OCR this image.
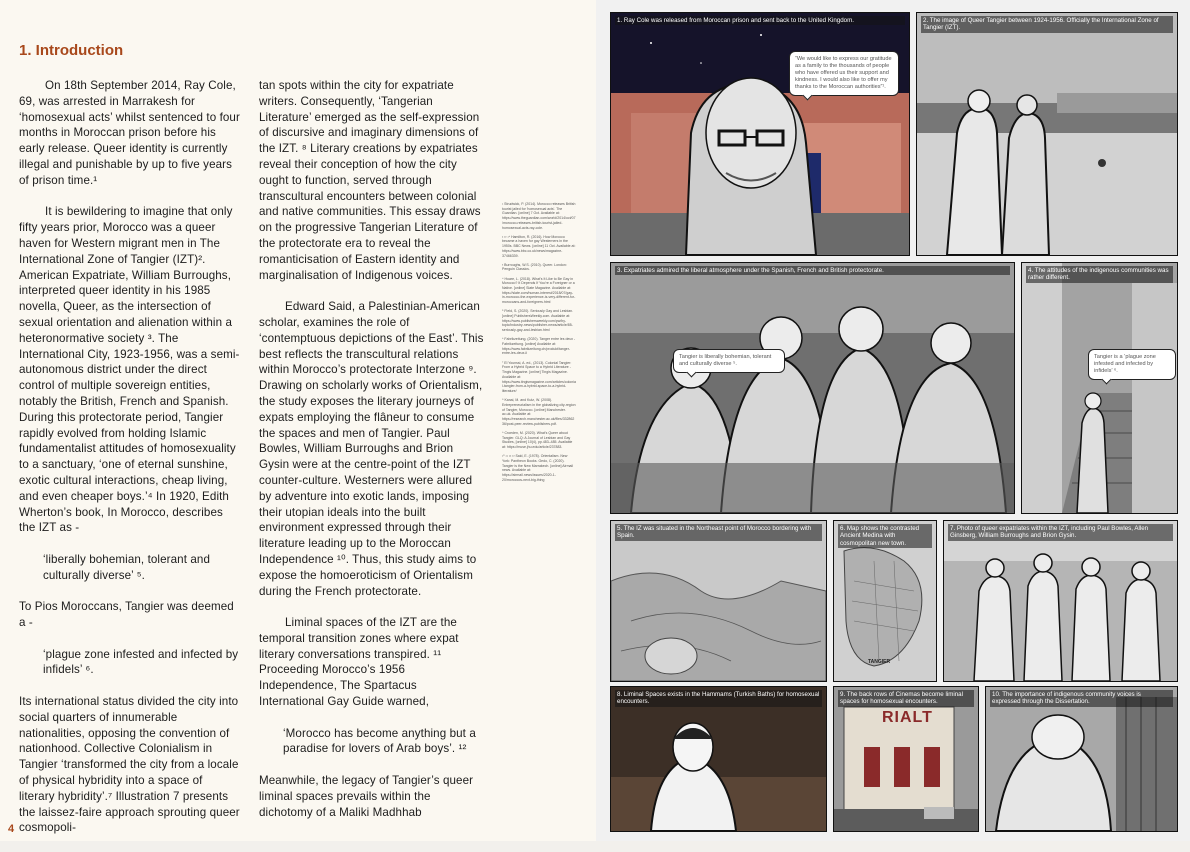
1. Introduction

On 18th September 2014, Ray Cole, 69, was arrested in Marrakesh for ‘homosexual acts’ whilst sentenced to four months in Moroccan prison before his early release. Queer identity is currently illegal and punishable by up to five years of prison time.¹

It is bewildering to imagine that only fifty years prior, Morocco was a queer haven for Western migrant men in The International Zone of Tangier (IZT)². American Expatriate, William Burroughs, interpreted queer identity in his 1985 novella, Queer, as the intersection of sexual orientation and alienation within a heteronormative society ³. The International City, 1923-1956, was a semi-autonomous district under the direct control of multiple sovereign entities, notably the British, French and Spanish. During this protectorate period, Tangier rapidly evolved from holding Islamic fundamentalist attitudes of homosexuality to a sanctuary, ‘one of eternal sunshine, exotic cultural interactions, cheap living, and even cheaper boys.’⁴ In 1920, Edith Wherton’s book, In Morocco, describes the IZT as -

‘liberally bohemian, tolerant and culturally diverse’ ⁵.

To Pios Moroccans, Tangier was deemed a -

‘plague zone infested and infected by infidels’ ⁶.

Its international status divided the city into social quarters of innumerable nationalities, opposing the convention of nationhood. Collective Colonialism in Tangier ‘transformed the city from a locale of physical hybridity into a space of literary hybridity’.⁷ Illustration 7 presents the laissez-faire approach sprouting queer cosmopoli-

tan spots within the city for expatriate writers. Consequently, ‘Tangerian Literature’ emerged as the self-expression of discursive and imaginary dimensions of the IZT. ⁸ Literary creations by expatriates reveal their conception of how the city ought to function, served through transcultural encounters between colonial and native communities. This essay draws on the progressive Tangerian Literature of the protectorate era to reveal the romanticisation of Eastern identity and marginalisation of Indigenous voices.

Edward Said, a Palestinian-American scholar, examines the role of ‘contemptuous depictions of the East’. This best reflects the transcultural relations within Morocco’s protectorate Interzone ⁹. Drawing on scholarly works of Orientalism, the study exposes the literary journeys of expats employing the flâneur to consume the spaces and men of Tangier. Paul Bowles, William Burroughs and Brion Gysin were at the centre-point of the IZT counter-culture. Westerners were allured by adventure into exotic lands, imposing their utopian ideals into the built environment expressed through their literature leading up to the Moroccan Independence ¹⁰. Thus, this study aims to expose the homoeroticism of Orientalism during the French protectorate.

Liminal spaces of the IZT are the temporal transition zones where expat literary conversations transpired. ¹¹ Proceeding Morocco’s 1956 Independence, The Spartacus International Gay Guide warned,

‘Morocco has become anything but a paradise for lovers of Arab boys’. ¹²

Meanwhile, the legacy of Tangier’s queer liminal spaces prevails within the dichotomy of a Maliki Madhhab

¹ Strudwick, P. (2014). Morocco releases British tourist jailed for 'homosexual acts'. The Guardian. [online] 7 Oct. Available at: https://www.theguardian.com/world/2014/oct/07/morocco-releases-british-tourist-jailed-homosexual-acts-ray-cole.

² ¹³ ¹⁴ Hamilton, R. (2016). How Morocco became a haven for gay Westerners in the 1950s. BBC News. [online] 11 Oct. Available at: https://www.bbc.co.uk/news/magazine-37466339.

³ Burroughs, W.S. (2010). Queer. London: Penguin Classics.

⁴ Hoare, L. (2018). What's It Like to Be Gay in Morocco? It Depends If You're a Foreigner or a Native. [online] Slate Magazine. Available at: https://slate.com/human-interest/2018/07/gay-in-morocco-the-experience-is-very-different-for-moroccans-and-foreigners.html

⁵ Field, S. (2020). Seriously Gay and Lesbian. [online] PublishersWeekly.com. Available at: https://www.publishersweekly.com/pw/by-topic/industry-news/publisher-news/article/85-seriously-gay-and-lesbian.html

⁶ Fabrikzeitung. (2020). Tanger entre les deux - Fabrikzeitung. [online] Available at: https://www.fabrikzeitung.ch/produkt/tanger-entre-les-deux-ii

⁷ El Younssi, A. ed., (2013). Colonial Tangier: From a Hybrid Space to a Hybrid Literature - Tingis Magazine. [online] Tingis Magazine. Available at: https://www.tingismagazine.com/articles/colonial-tangier-from-a-hybrid-space-to-a-hybrid-literature/

⁸ Kanai, M. and Kutz, W. (2008). Entrepreneurialism in the globalizing city-region of Tangier, Morocco. [online] Manchester. ac.uk. Available at: https://research.manchester.ac.uk/files/33286236/post-peer-review-publishers.pdf.

⁹ Croeden, M. (2020). What's Queer about Tangier. GLQ: A Journal of Lesbian and Gay Studies, [online] 10(4), pp.483–485. Available at: https://muse.jhu.edu/article/237883.

¹⁰ ¹¹ ¹² ¹³ Said, E. (1978). Orientalism. New York: Pantheon Books. Gedo, C. (2020). Tangier is the New Marrakech. [online] Airmail news. Available at: https://airmail.news/issues/2020-1-20/moroccos-next-big-thing

4
1. Ray Cole was released from Moroccan prison and sent back to the United Kingdom.
“We would like to express our gratitude as a family to the thousands of people who have offered us their support and kindness. I would also like to offer my thanks to the Moroccan authorities”¹.
2. The image of Queer Tangier between 1924-1956. Officially the International Zone of Tangier (IZT).
3. Expatriates admired the liberal atmosphere under the Spanish, French and British protectorate.
Tangier is liberally bohemian, tolerant and culturally diverse ⁵.
4. The attitudes of the indigenous communities was rather different.
Tangier is a ‘plague zone infested and infected by infidels’ ⁶.
5. The IZ was situated in the Northeast point of Morocco bordering with Spain.
TANGIER
6. Map shows the contrasted Ancient Medina with cosmopolitan new town.
7. Photo of queer expatriates within the IZT, including Paul Bowles, Allen Ginsberg, William Burroughs and Brion Gysin.
8. Liminal Spaces exists in the Hammams (Turkish Baths) for homosexual encounters.
RIALT
9. The back rows of Cinemas become liminal spaces for homosexual encounters.
10. The importance of indigenous community voices is expressed through the Dissertation.
